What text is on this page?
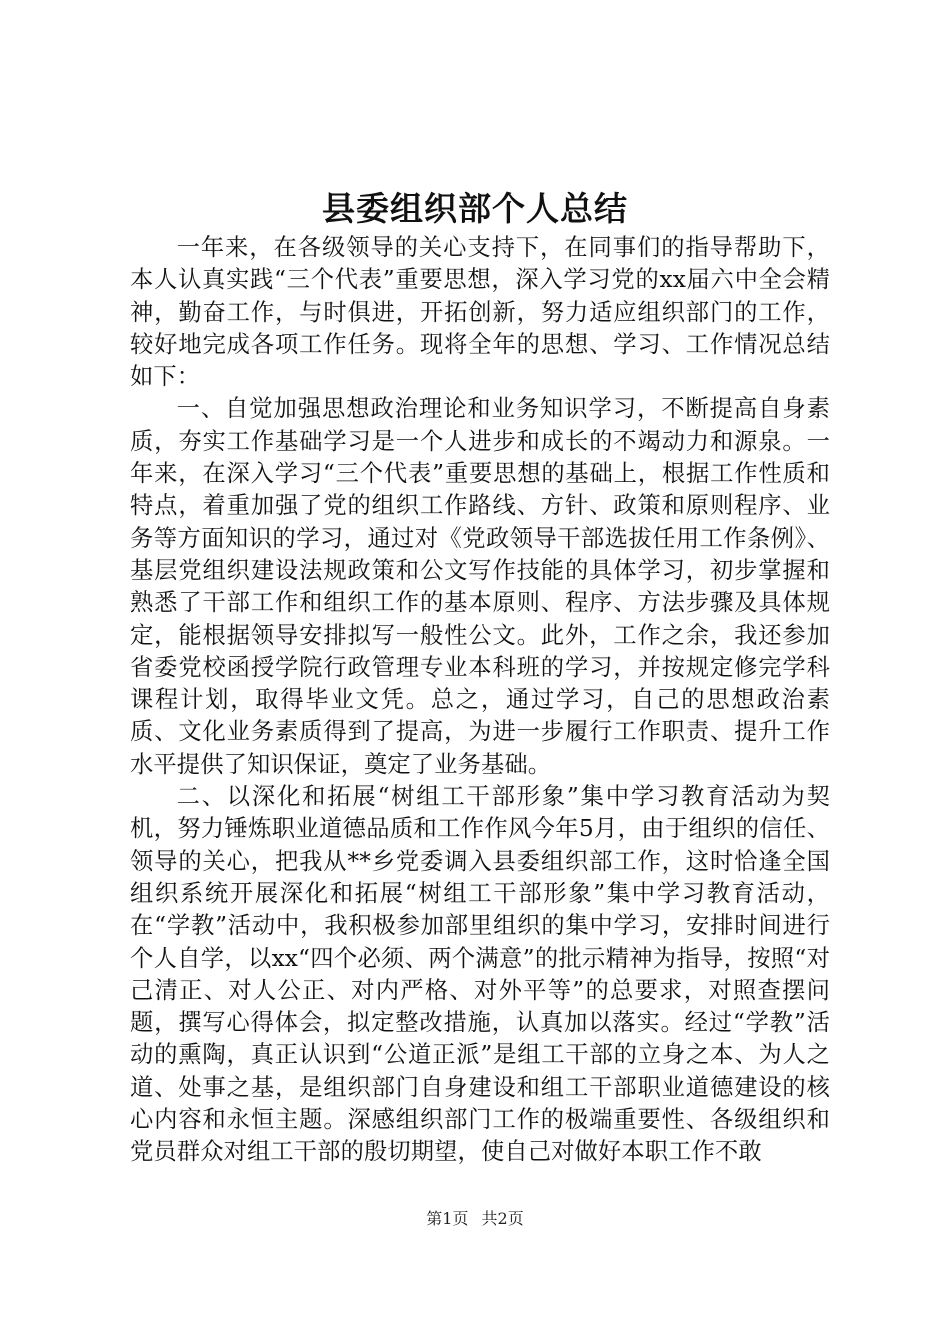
县委组织部个人总结

一年来，在各级领导的关心支持下，在同事们的指导帮助下，本人认真实践“三个代表”重要思想，深入学习党的xx届六中全会精神，勤奋工作，与时俱进，开拓创新，努力适应组织部门的工作，较好地完成各项工作任务。现将全年的思想、学习、工作情况总结如下：

一、自觉加强思想政治理论和业务知识学习，不断提高自身素质，夯实工作基础学习是一个人进步和成长的不竭动力和源泉。一年来，在深入学习“三个代表”重要思想的基础上，根据工作性质和特点，着重加强了党的组织工作路线、方针、政策和原则程序、业务等方面知识的学习，通过对《党政领导干部选拔任用工作条例》、基层党组织建设法规政策和公文写作技能的具体学习，初步掌握和熟悉了干部工作和组织工作的基本原则、程序、方法步骤及具体规定，能根据领导安排拟写一般性公文。此外，工作之余，我还参加省委党校函授学院行政管理专业本科班的学习，并按规定修完学科课程计划，取得毕业文凭。总之，通过学习，自己的思想政治素质、文化业务素质得到了提高，为进一步履行工作职责、提升工作水平提供了知识保证，奠定了业务基础。

二、以深化和拓展“树组工干部形象”集中学习教育活动为契机，努力锤炼职业道德品质和工作作风今年5月，由于组织的信任、领导的关心，把我从**乡党委调入县委组织部工作，这时恰逢全国组织系统开展深化和拓展“树组工干部形象”集中学习教育活动，在“学教”活动中，我积极参加部里组织的集中学习，安排时间进行个人自学，以xx“四个必须、两个满意”的批示精神为指导，按照“对己清正、对人公正、对内严格、对外平等”的总要求，对照查摆问题，撰写心得体会，拟定整改措施，认真加以落实。经过“学教”活动的熏陶，真正认识到“公道正派”是组工干部的立身之本、为人之道、处事之基，是组织部门自身建设和组工干部职业道德建设的核心内容和永恒主题。深感组织部门工作的极端重要性、各级组织和党员群众对组工干部的殷切期望，使自己对做好本职工作不敢

第1页 共2页
